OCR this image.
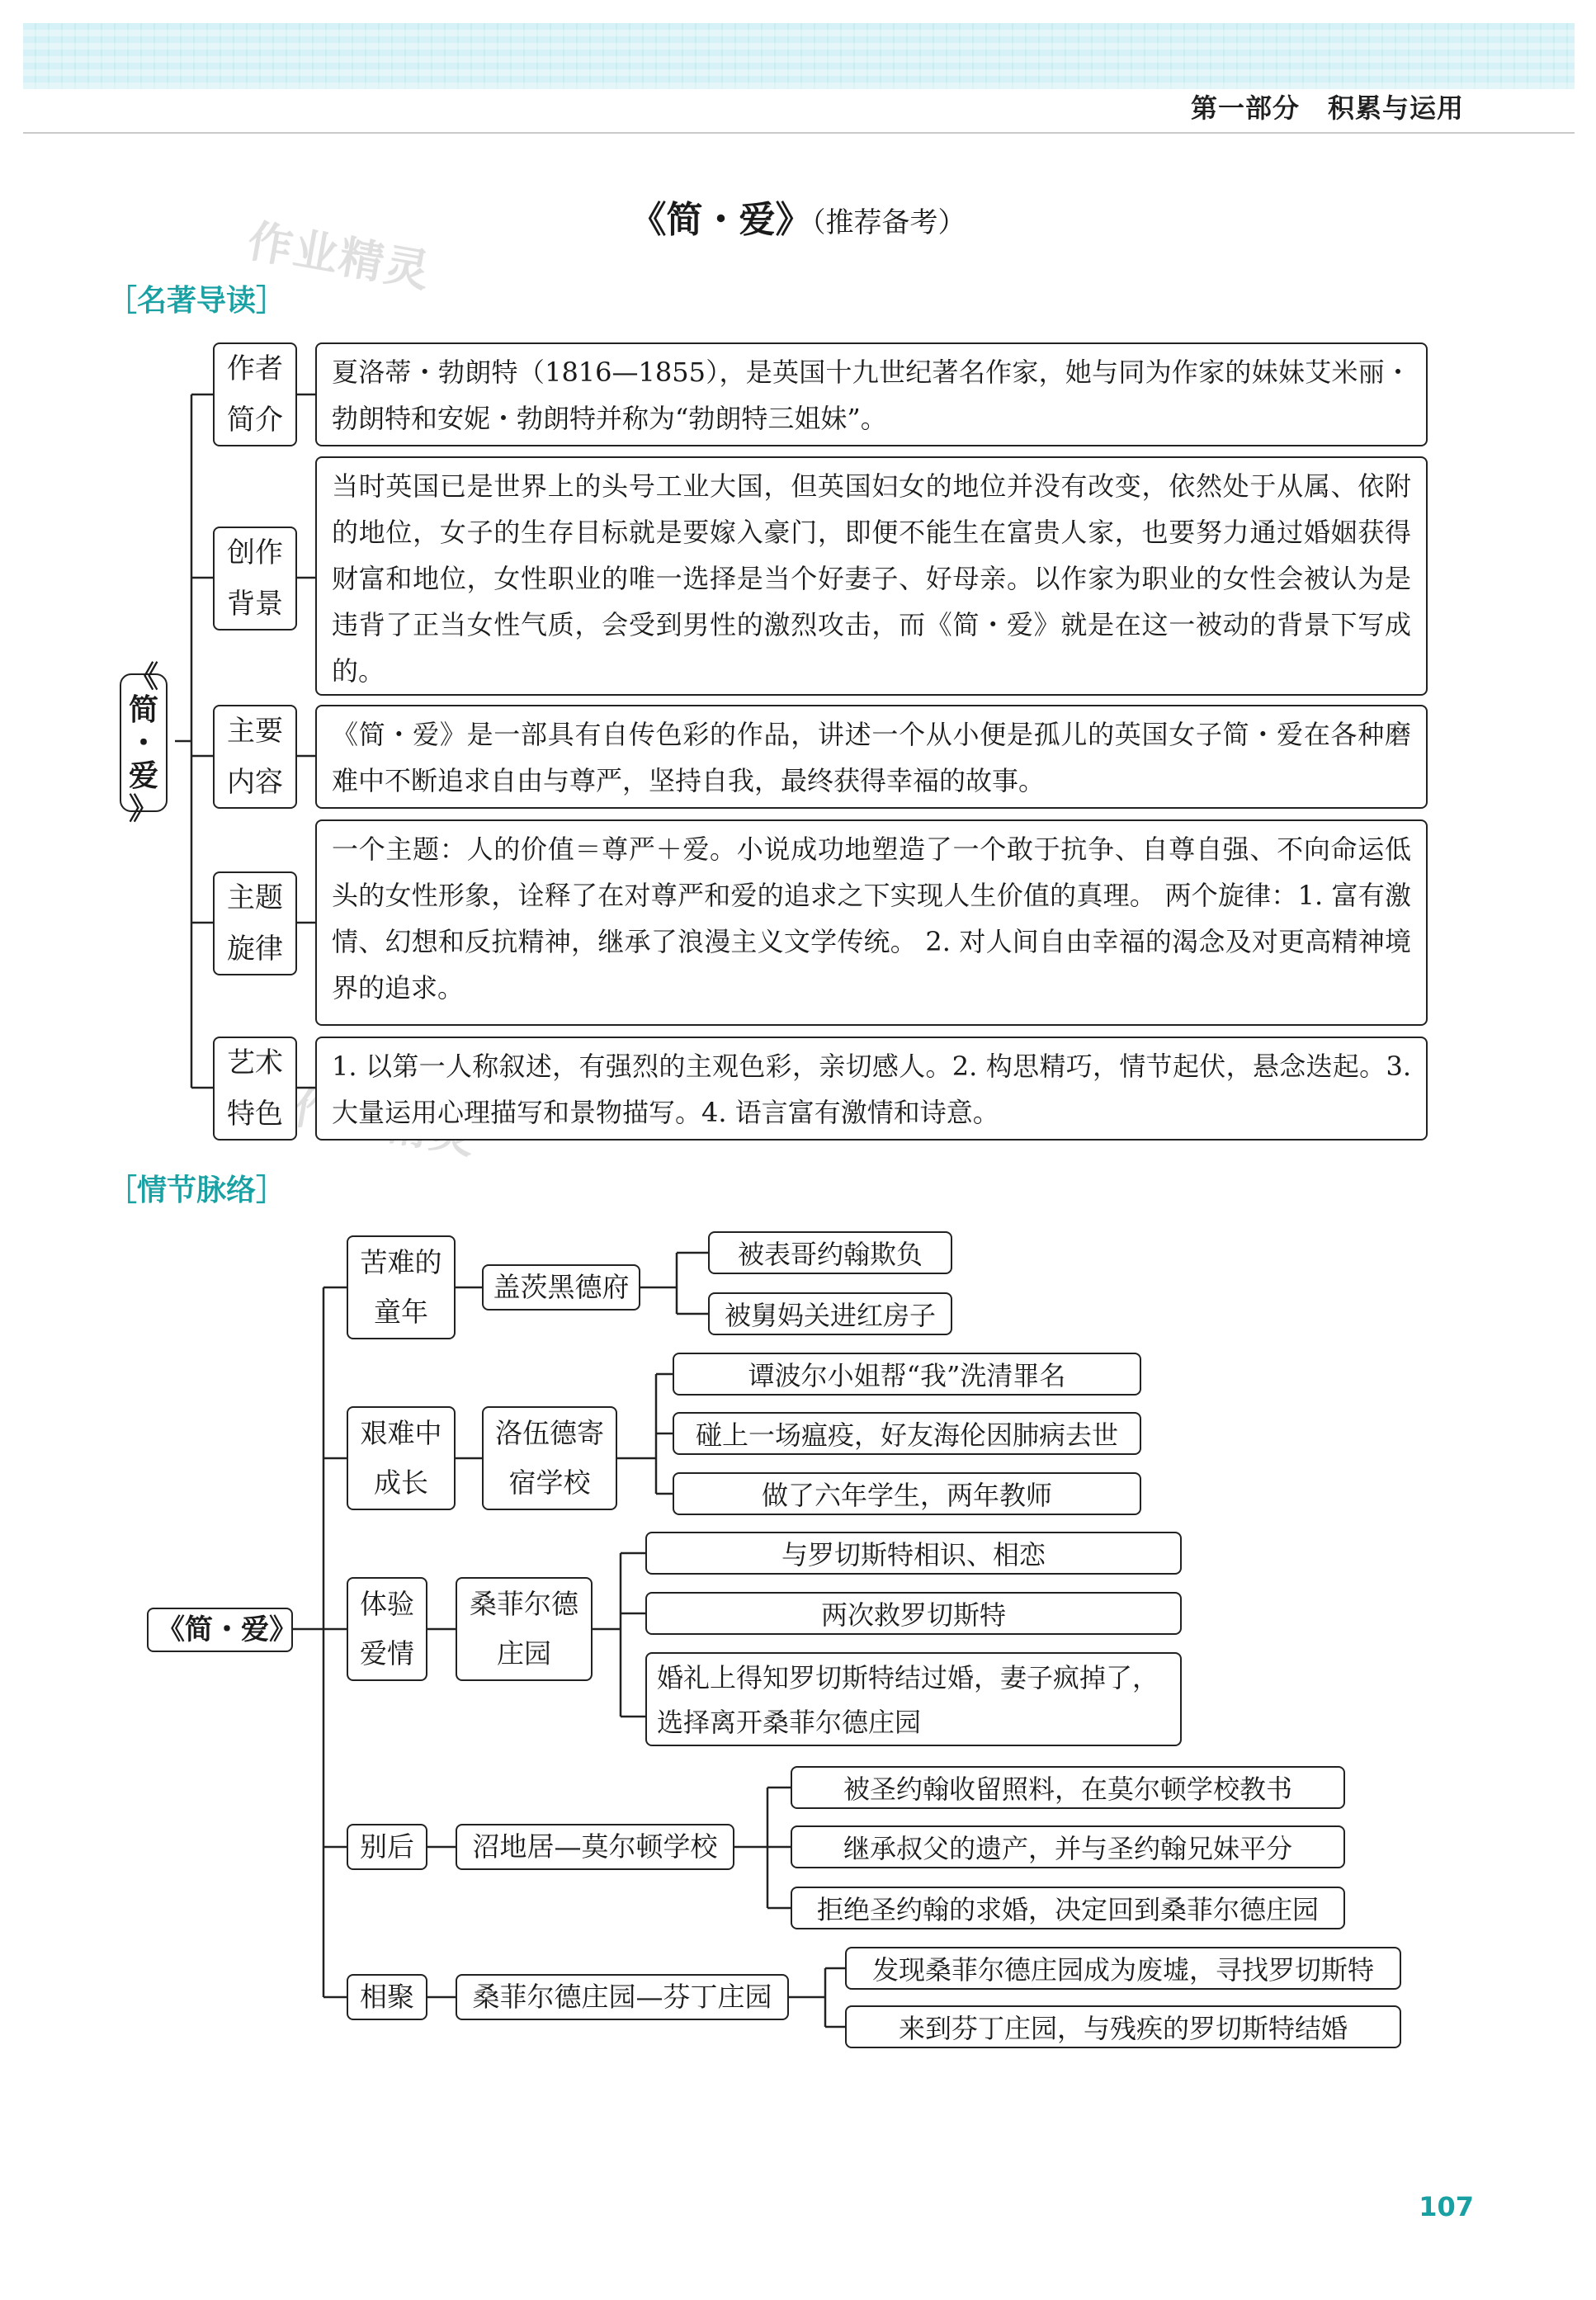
第一部分 积累与运用
《简・爱》（推荐备考）
作业精灵
［名著导读］
《
简
・
爱
》
作者简介
夏洛蒂・勃朗特（1816—1855），是英国十九世纪著名作家，她与同为作家的妹妹艾米丽・勃朗特和安妮・勃朗特并称为“勃朗特三姐妹”。
创作背景
当时英国已是世界上的头号工业大国，但英国妇女的地位并没有改变，依然处于从属、依附的地位，女子的生存目标就是要嫁入豪门，即便不能生在富贵人家，也要努力通过婚姻获得财富和地位，女性职业的唯一选择是当个好妻子、好母亲。以作家为职业的女性会被认为是违背了正当女性气质，会受到男性的激烈攻击，而《简・爱》就是在这一被动的背景下写成的。
主要内容
《简・爱》是一部具有自传色彩的作品，讲述一个从小便是孤儿的英国女子简・爱在各种磨难中不断追求自由与尊严，坚持自我，最终获得幸福的故事。
主题旋律
一个主题：人的价值＝尊严＋爱。小说成功地塑造了一个敢于抗争、自尊自强、不向命运低头的女性形象，诠释了在对尊严和爱的追求之下实现人生价值的真理。 两个旋律：1. 富有激情、幻想和反抗精神，继承了浪漫主义文学传统。 2. 对人间自由幸福的渴念及对更高精神境界的追求。
艺术特色
1. 以第一人称叙述，有强烈的主观色彩，亲切感人。2. 构思精巧，情节起伏，悬念迭起。3. 大量运用心理描写和景物描写。4. 语言富有激情和诗意。
［情节脉络］
《简・爱》
苦难的童年
盖茨黑德府
被表哥约翰欺负
被舅妈关进红房子
艰难中成长
洛伍德寄宿学校
谭波尔小姐帮“我”洗清罪名
碰上一场瘟疫，好友海伦因肺病去世
做了六年学生，两年教师
体验爱情
桑菲尔德庄园
与罗切斯特相识、相恋
两次救罗切斯特
婚礼上得知罗切斯特结过婚，妻子疯掉了，选择离开桑菲尔德庄园
别后	沼地居—莫尔顿学校
被圣约翰收留照料，在莫尔顿学校教书
继承叔父的遗产，并与圣约翰兄妹平分
拒绝圣约翰的求婚，决定回到桑菲尔德庄园
相聚	桑菲尔德庄园—芬丁庄园
发现桑菲尔德庄园成为废墟，寻找罗切斯特
来到芬丁庄园，与残疾的罗切斯特结婚
107
